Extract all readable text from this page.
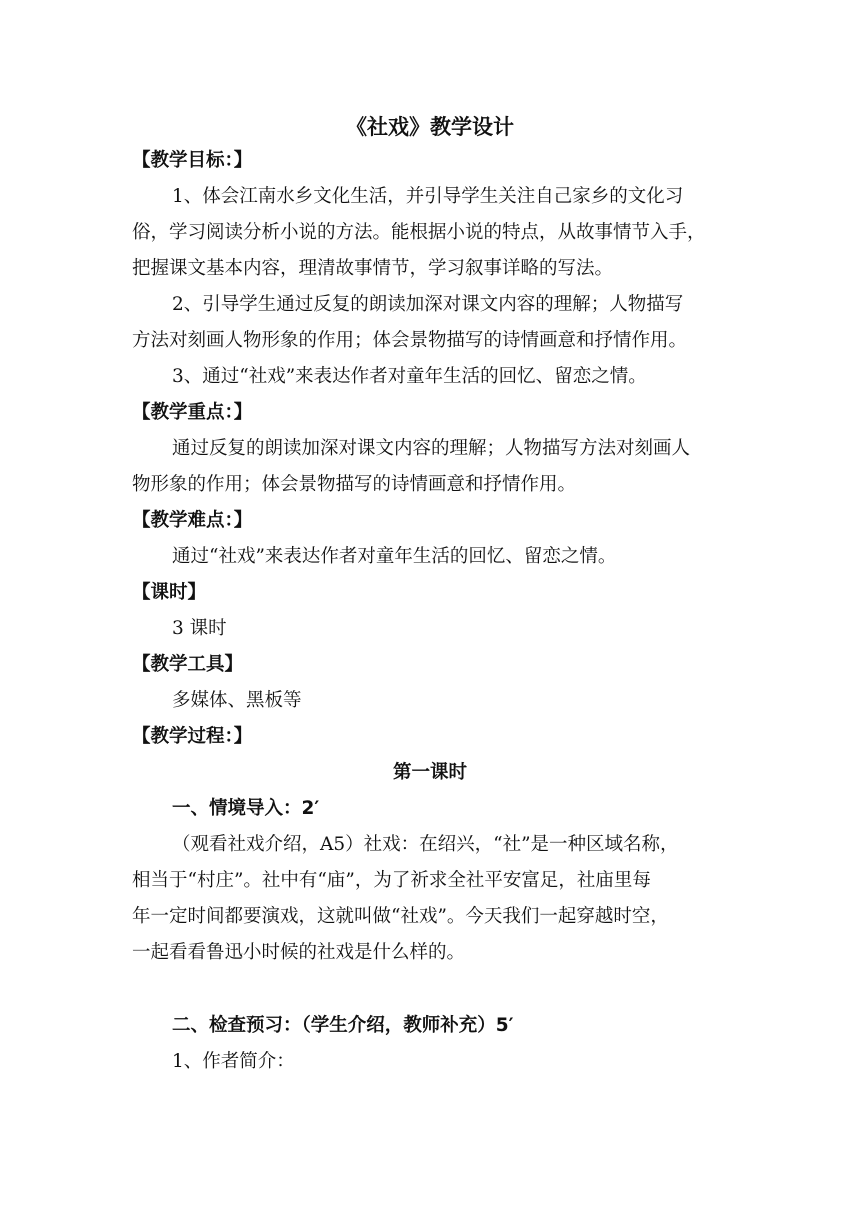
《社戏》教学设计
【教学目标：】
1、体会江南水乡文化生活，并引导学生关注自己家乡的文化习
俗，学习阅读分析小说的方法。能根据小说的特点，从故事情节入手，
把握课文基本内容，理清故事情节，学习叙事详略的写法。
2、引导学生通过反复的朗读加深对课文内容的理解；人物描写
方法对刻画人物形象的作用；体会景物描写的诗情画意和抒情作用。
3、通过“社戏”来表达作者对童年生活的回忆、留恋之情。
【教学重点：】
通过反复的朗读加深对课文内容的理解；人物描写方法对刻画人
物形象的作用；体会景物描写的诗情画意和抒情作用。
【教学难点：】
通过“社戏”来表达作者对童年生活的回忆、留恋之情。
【课时】
3 课时
【教学工具】
多媒体、黑板等
【教学过程：】
第一课时
一、情境导入：2′
（观看社戏介绍，A5）社戏：在绍兴，“社”是一种区域名称，
相当于“村庄”。社中有“庙”，为了祈求全社平安富足，社庙里每
年一定时间都要演戏，这就叫做“社戏”。今天我们一起穿越时空，
一起看看鲁迅小时候的社戏是什么样的。
二、检查预习：（学生介绍，教师补充）5′
1、作者简介：
